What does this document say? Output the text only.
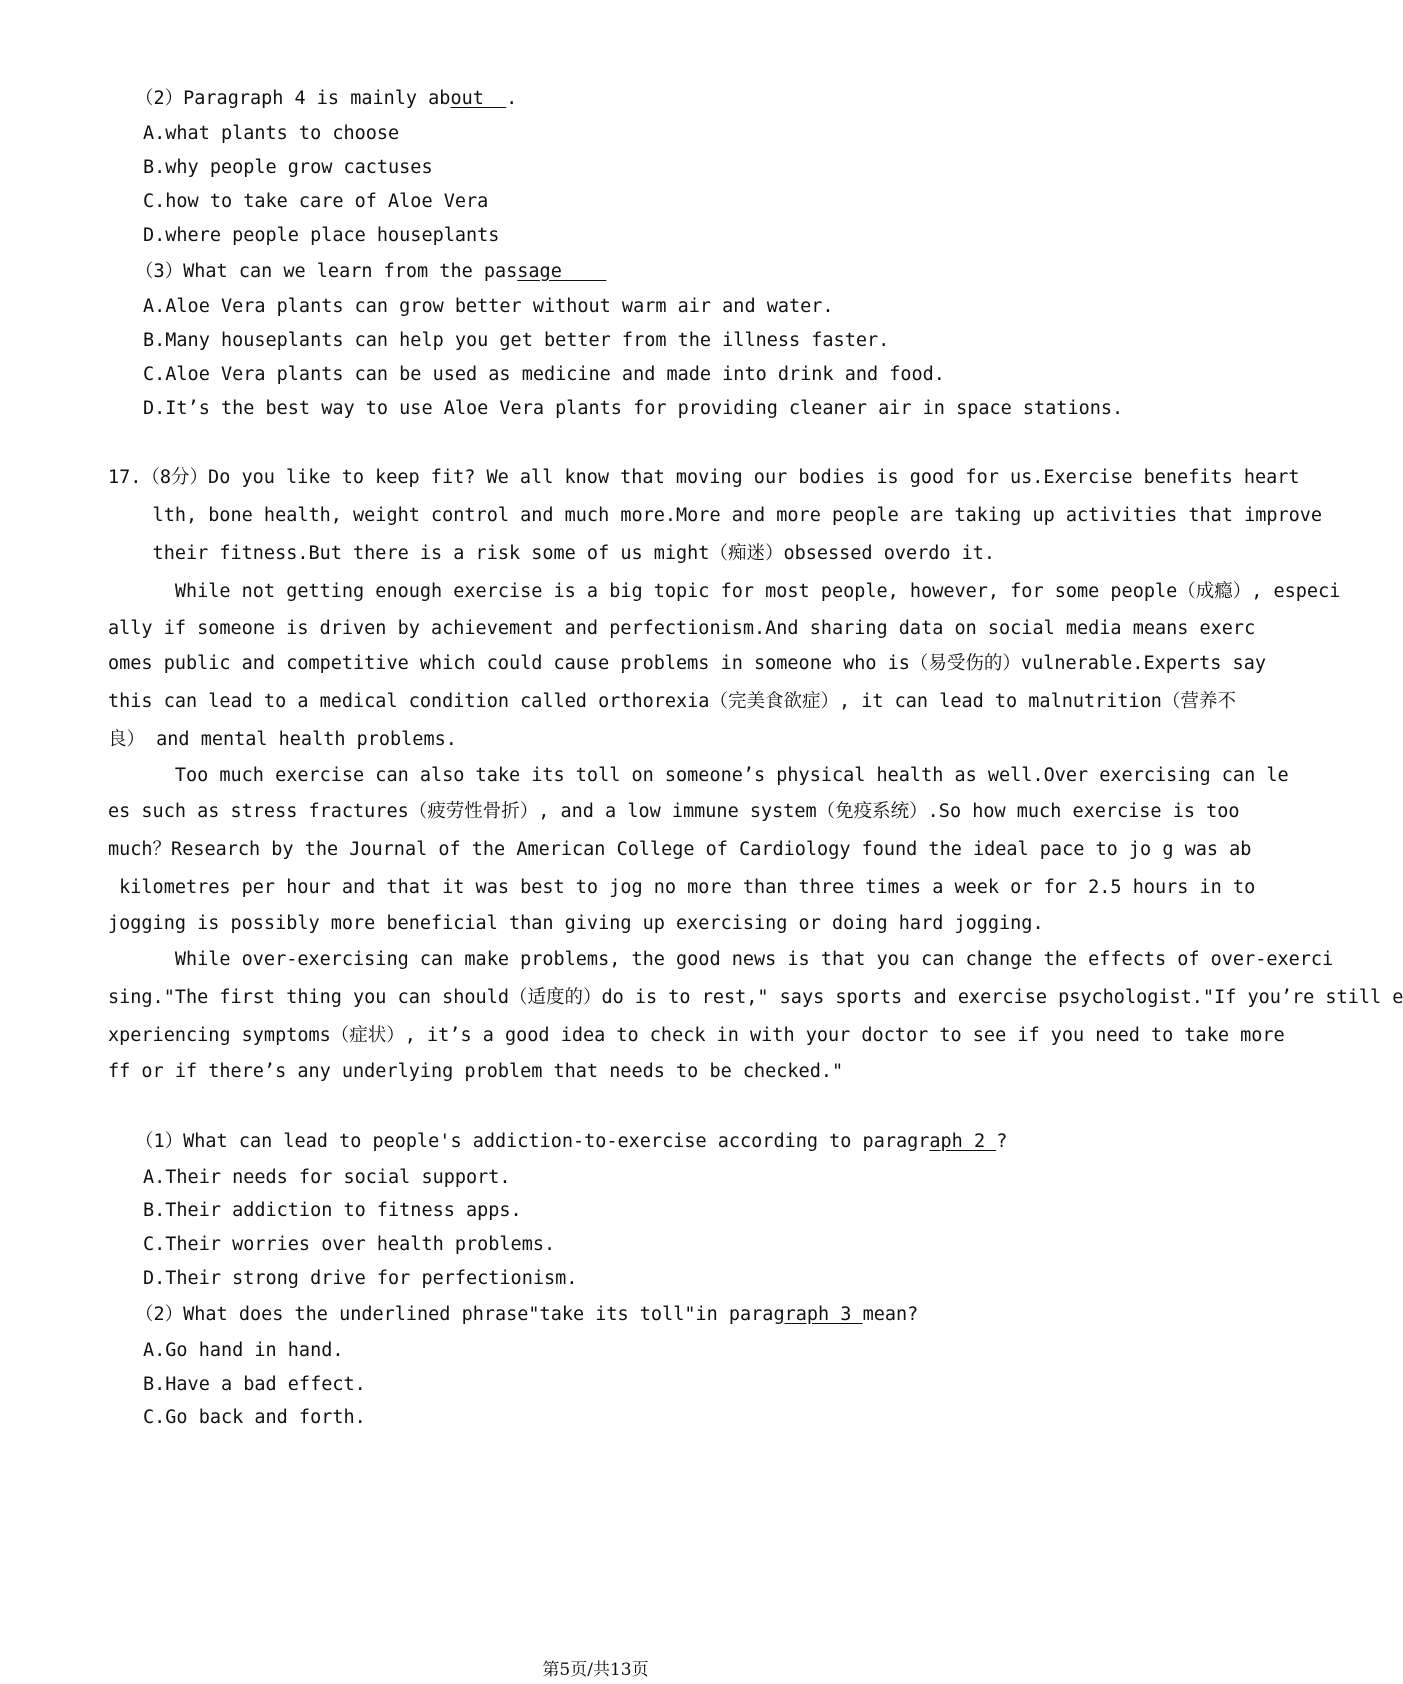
（2）Paragraph 4 is mainly about  .
A.what plants to choose
B.why people grow cactuses
C.how to take care of Aloe Vera
D.where people place houseplants
（3）What can we learn from the passage
A.Aloe Vera plants can grow better without warm air and water.
B.Many houseplants can help you get better from the illness faster.
C.Aloe Vera plants can be used as medicine and made into drink and food.
D.It’s the best way to use Aloe Vera plants for providing cleaner air in space stations.
17.（8分）Do you like to keep fit? We all know that moving our bodies is good for us.Exercise benefits heart
lth, bone health, weight control and much more.More and more people are taking up activities that improve
their fitness.But there is a risk some of us might（痴迷）obsessed overdo it.
While not getting enough exercise is a big topic for most people, however, for some people（成瘾）, especi
ally if someone is driven by achievement and perfectionism.And sharing data on social media means exerc
omes public and competitive which could cause problems in someone who is（易受伤的）vulnerable.Experts say
this can lead to a medical condition called orthorexia（完美食欲症）, it can lead to malnutrition（营养不
良） and mental health problems.
Too much exercise can also take its toll on someone’s physical health as well.Over exercising can le
es such as stress fractures（疲劳性骨折）, and a low immune system（免疫系统）.So how much exercise is too
much？Research by the Journal of the American College of Cardiology found the ideal pace to jo g was ab
kilometres per hour and that it was best to jog no more than three times a week or for 2.5 hours in to
jogging is possibly more beneficial than giving up exercising or doing hard jogging.
While over-exercising can make problems, the good news is that you can change the effects of over-exerci
sing."The first thing you can should（适度的）do is to rest," says sports and exercise psychologist."If you’re still e
xperiencing symptoms（症状）, it’s a good idea to check in with your doctor to see if you need to take more
ff or if there’s any underlying problem that needs to be checked."
（1）What can lead to people's addiction-to-exercise according to paragraph 2 ?
A.Their needs for social support.
B.Their addiction to fitness apps.
C.Their worries over health problems.
D.Their strong drive for perfectionism.
（2）What does the underlined phrase"take its toll"in paragraph 3 mean?
A.Go hand in hand.
B.Have a bad effect.
C.Go back and forth.
第5页/共13页
